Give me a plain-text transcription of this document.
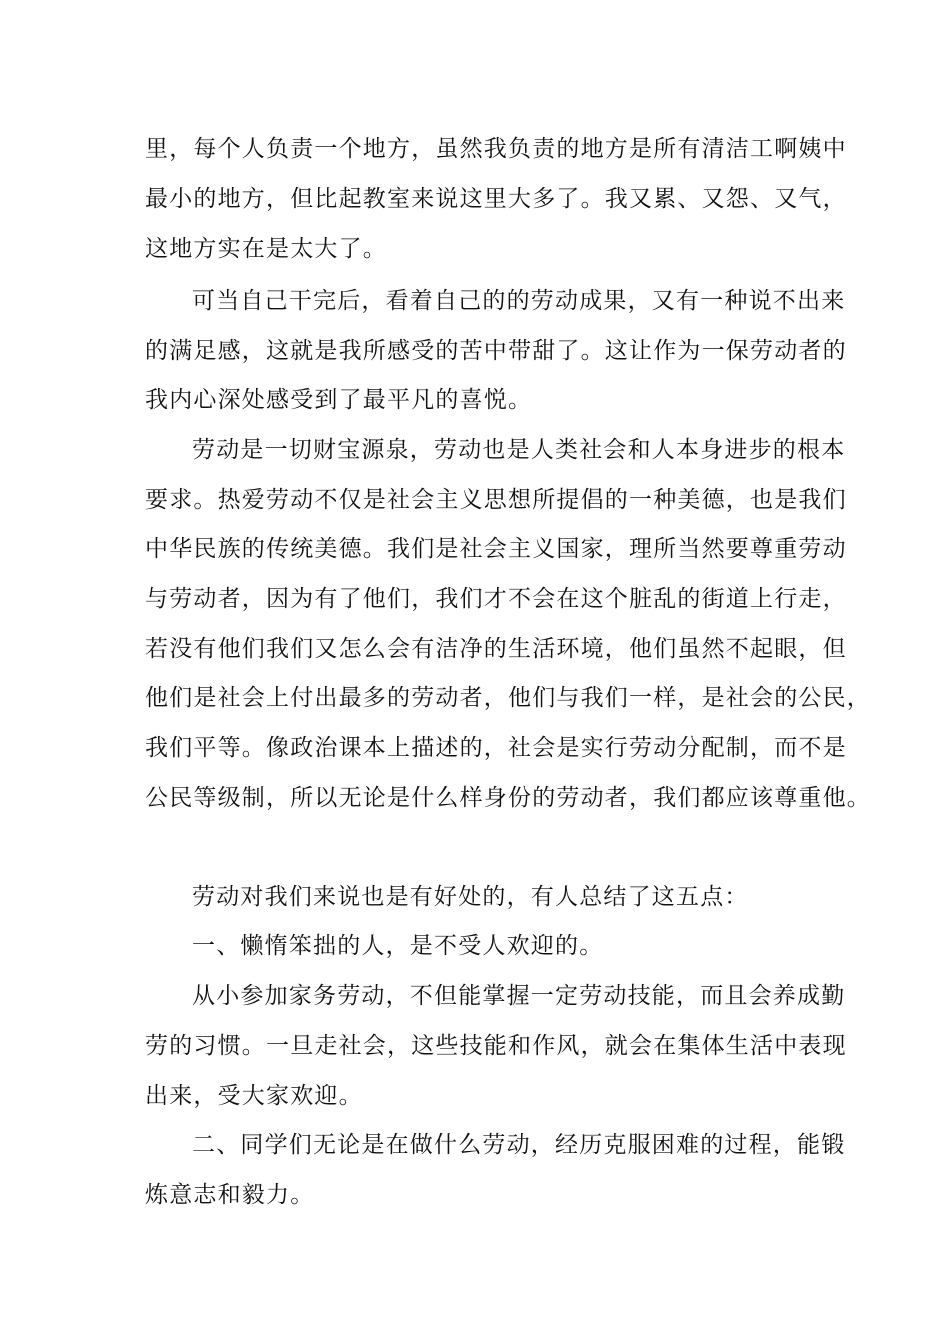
里，每个人负责一个地方，虽然我负责的地方是所有清洁工啊姨中
最小的地方，但比起教室来说这里大多了。我又累、又怨、又气，
这地方实在是太大了。
可当自己干完后，看着自己的的劳动成果，又有一种说不出来
的满足感，这就是我所感受的苦中带甜了。这让作为一保劳动者的
我内心深处感受到了最平凡的喜悦。
劳动是一切财宝源泉，劳动也是人类社会和人本身进步的根本
要求。热爱劳动不仅是社会主义思想所提倡的一种美德，也是我们
中华民族的传统美德。我们是社会主义国家，理所当然要尊重劳动
与劳动者，因为有了他们，我们才不会在这个脏乱的街道上行走，
若没有他们我们又怎么会有洁净的生活环境，他们虽然不起眼，但
他们是社会上付出最多的劳动者，他们与我们一样，是社会的公民，
我们平等。像政治课本上描述的，社会是实行劳动分配制，而不是
公民等级制，所以无论是什么样身份的劳动者，我们都应该尊重他。
劳动对我们来说也是有好处的，有人总结了这五点：
一、懒惰笨拙的人，是不受人欢迎的。
从小参加家务劳动，不但能掌握一定劳动技能，而且会养成勤
劳的习惯。一旦走社会，这些技能和作风，就会在集体生活中表现
出来，受大家欢迎。
二、同学们无论是在做什么劳动，经历克服困难的过程，能锻
炼意志和毅力。
